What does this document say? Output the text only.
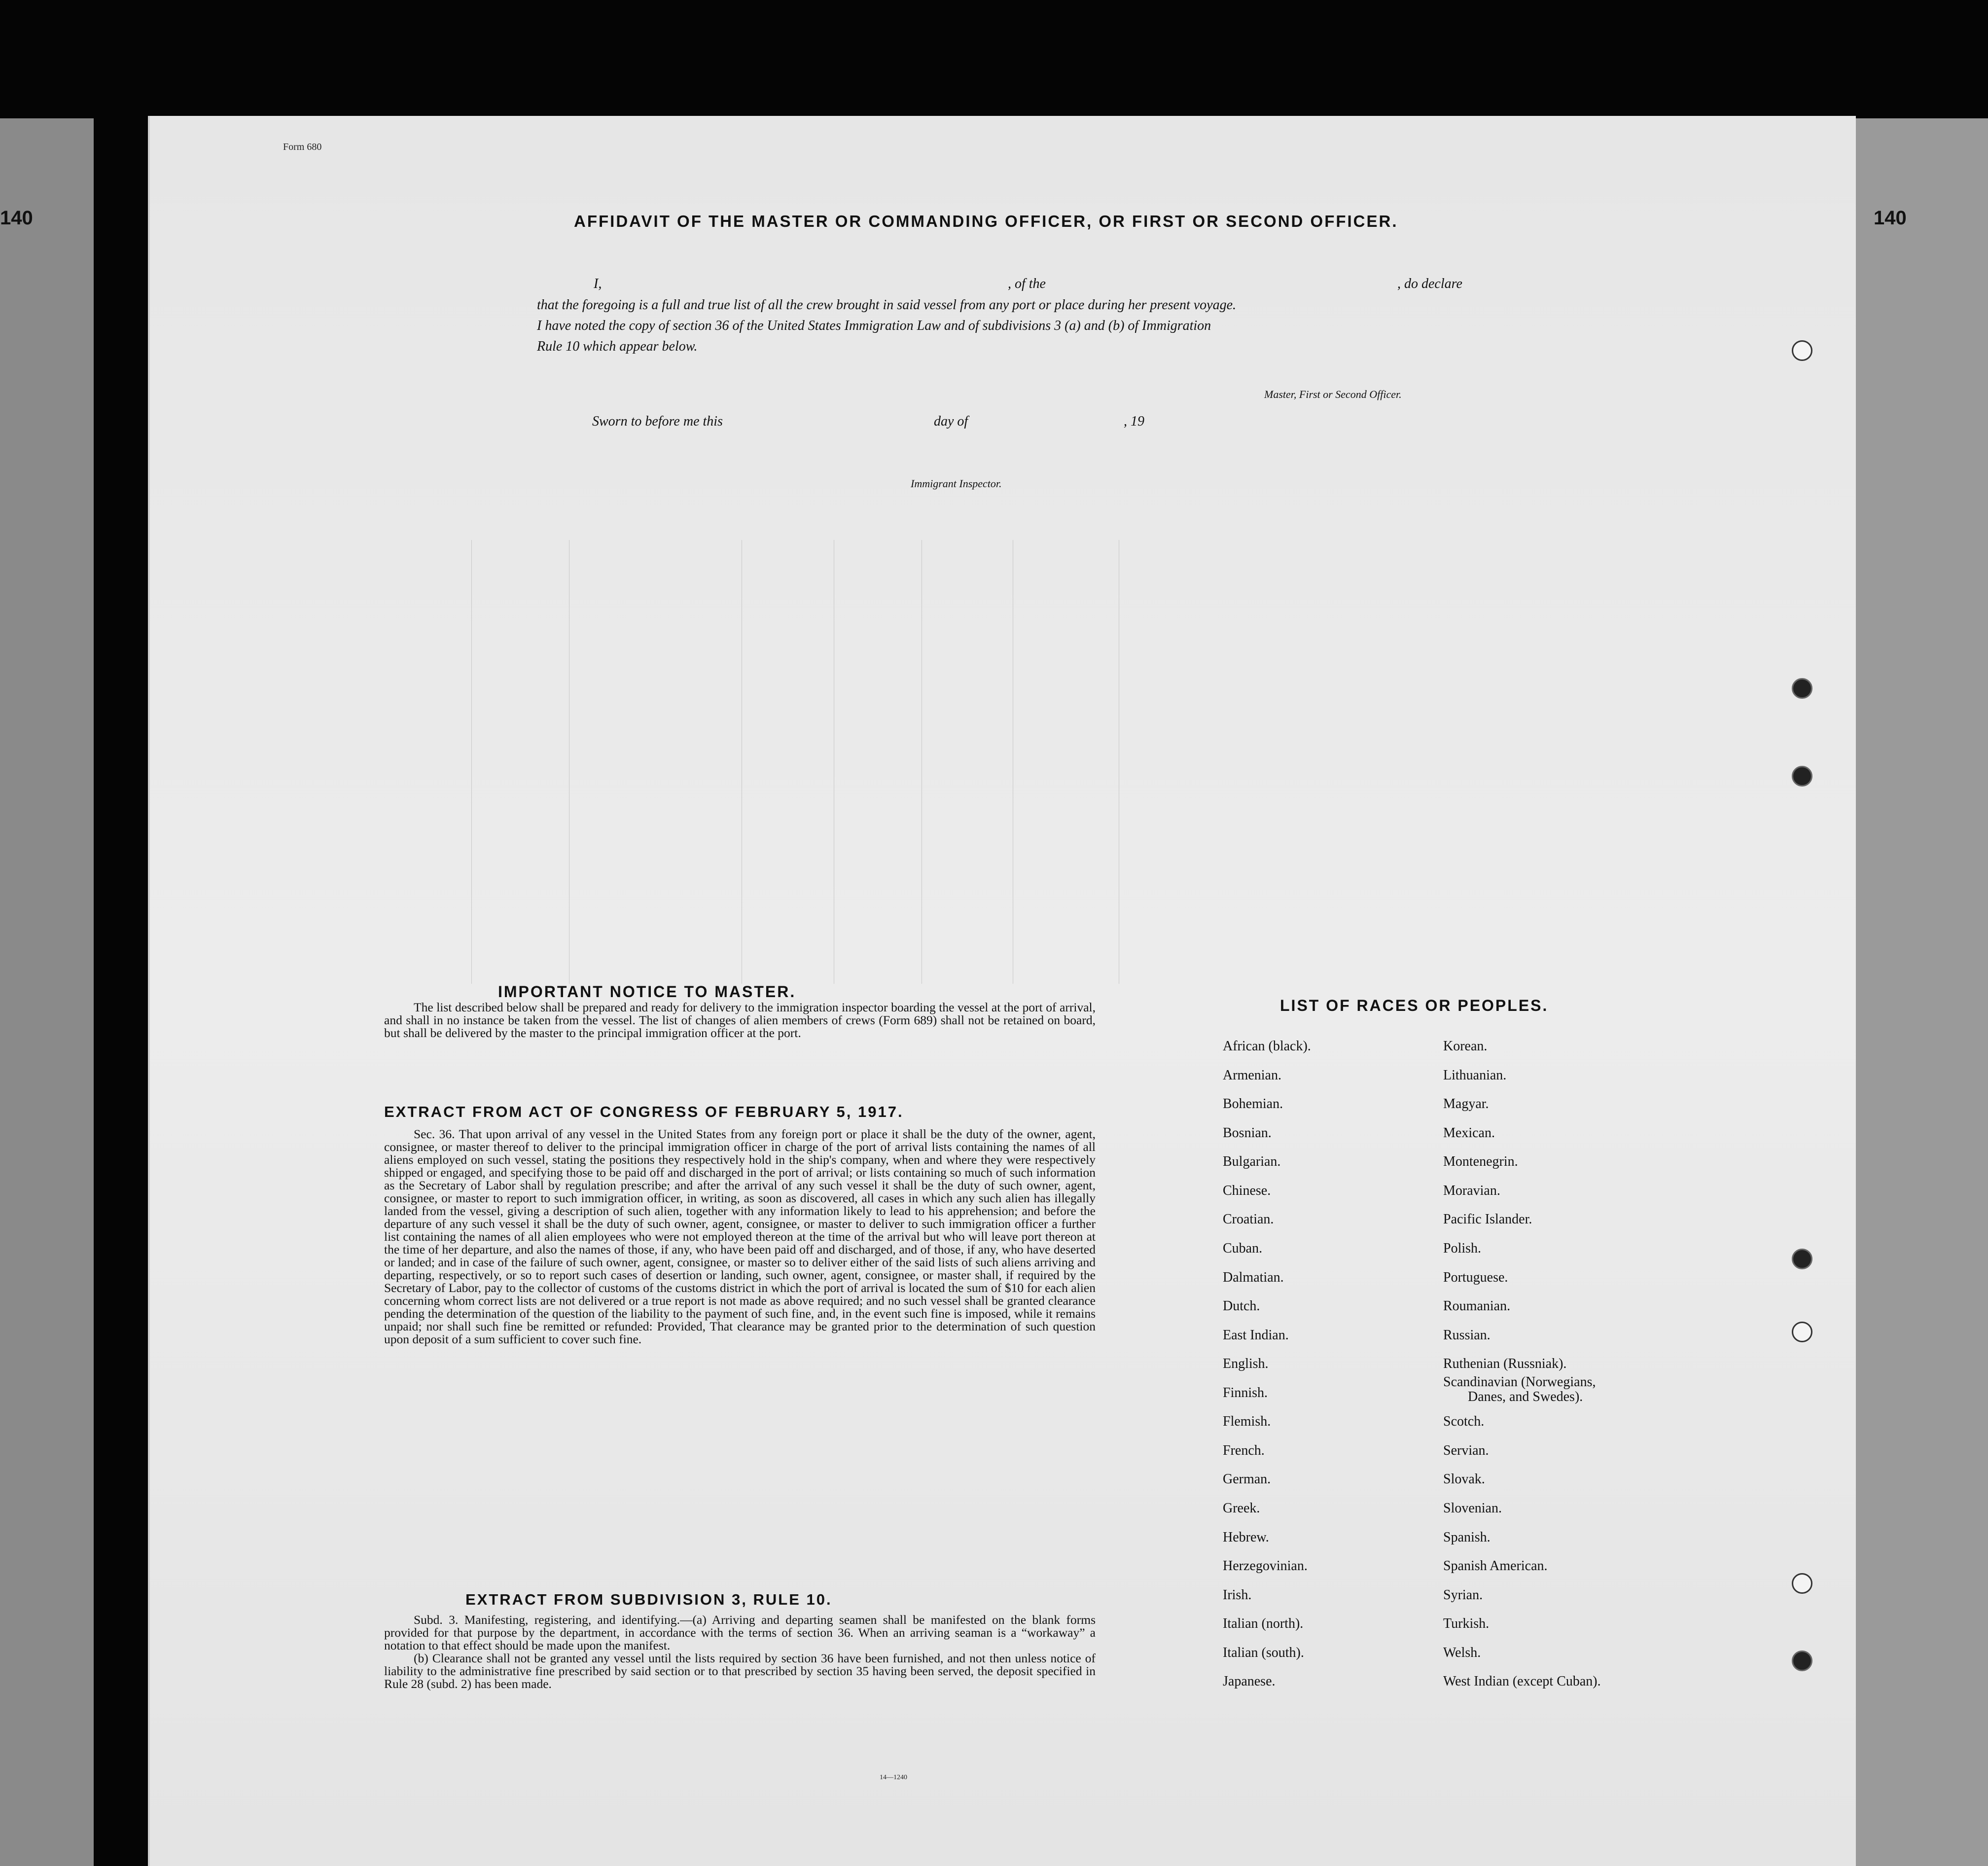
140	140
Form 680
AFFIDAVIT OF THE MASTER OR COMMANDING OFFICER, OR FIRST OR SECOND OFFICER.
I,	, of the	, do declare
that the foregoing is a full and true list of all the crew brought in said vessel from any port or place during her present voyage.
I have noted the copy of section 36 of the United States Immigration Law and of subdivisions 3 (a) and (b) of Immigration
Rule 10 which appear below.
Master, First or Second Officer.
Sworn to before me this	day of	, 19
Immigrant Inspector.
IMPORTANT NOTICE TO MASTER.
The list described below shall be prepared and ready for delivery to the immigration inspector boarding the vessel at the port of arrival, and shall in no instance be taken from the vessel. The list of changes of alien members of crews (Form 689) shall not be retained on board, but shall be delivered by the master to the principal immigration officer at the port.
EXTRACT FROM ACT OF CONGRESS OF FEBRUARY 5, 1917.
Sec. 36. That upon arrival of any vessel in the United States from any foreign port or place it shall be the duty of the owner, agent, consignee, or master thereof to deliver to the principal immigration officer in charge of the port of arrival lists containing the names of all aliens employed on such vessel, stating the positions they respectively hold in the ship's company, when and where they were respectively shipped or engaged, and specifying those to be paid off and discharged in the port of arrival; or lists containing so much of such information as the Secretary of Labor shall by regulation prescribe; and after the arrival of any such vessel it shall be the duty of such owner, agent, consignee, or master to report to such immigration officer, in writing, as soon as discovered, all cases in which any such alien has illegally landed from the vessel, giving a description of such alien, together with any information likely to lead to his apprehension; and before the departure of any such vessel it shall be the duty of such owner, agent, consignee, or master to deliver to such immigration officer a further list containing the names of all alien employees who were not employed thereon at the time of the arrival but who will leave port thereon at the time of her departure, and also the names of those, if any, who have been paid off and discharged, and of those, if any, who have deserted or landed; and in case of the failure of such owner, agent, consignee, or master so to deliver either of the said lists of such aliens arriving and departing, respectively, or so to report such cases of desertion or landing, such owner, agent, consignee, or master shall, if required by the Secretary of Labor, pay to the collector of customs of the customs district in which the port of arrival is located the sum of $10 for each alien concerning whom correct lists are not delivered or a true report is not made as above required; and no such vessel shall be granted clearance pending the determination of the question of the liability to the payment of such fine, and, in the event such fine is imposed, while it remains unpaid; nor shall such fine be remitted or refunded: Provided, That clearance may be granted prior to the determination of such question upon deposit of a sum sufficient to cover such fine.
EXTRACT FROM SUBDIVISION 3, RULE 10.

Subd. 3. Manifesting, registering, and identifying.—(a) Arriving and departing seamen shall be manifested on the blank forms provided for that purpose by the department, in accordance with the terms of section 36. When an arriving seaman is a “workaway” a notation to that effect should be made upon the manifest.

(b) Clearance shall not be granted any vessel until the lists required by section 36 have been furnished, and not then unless notice of liability to the administrative fine prescribed by said section or to that prescribed by section 35 having been served, the deposit specified in Rule 28 (subd. 2) has been made.

14—1240
LIST OF RACES OR PEOPLES.
African (black).
Armenian.
Bohemian.
Bosnian.
Bulgarian.
Chinese.
Croatian.
Cuban.
Dalmatian.
Dutch.
East Indian.
English.
Finnish.
Flemish.
French.
German.
Greek.
Hebrew.
Herzegovinian.
Irish.
Italian (north).
Italian (south).
Japanese.
Korean.
Lithuanian.
Magyar.
Mexican.
Montenegrin.
Moravian.
Pacific Islander.
Polish.
Portuguese.
Roumanian.
Russian.
Ruthenian (Russniak).
Scandinavian (Norwegians,
Danes, and Swedes).
Scotch.
Servian.
Slovak.
Slovenian.
Spanish.
Spanish American.
Syrian.
Turkish.
Welsh.
West Indian (except Cuban).
